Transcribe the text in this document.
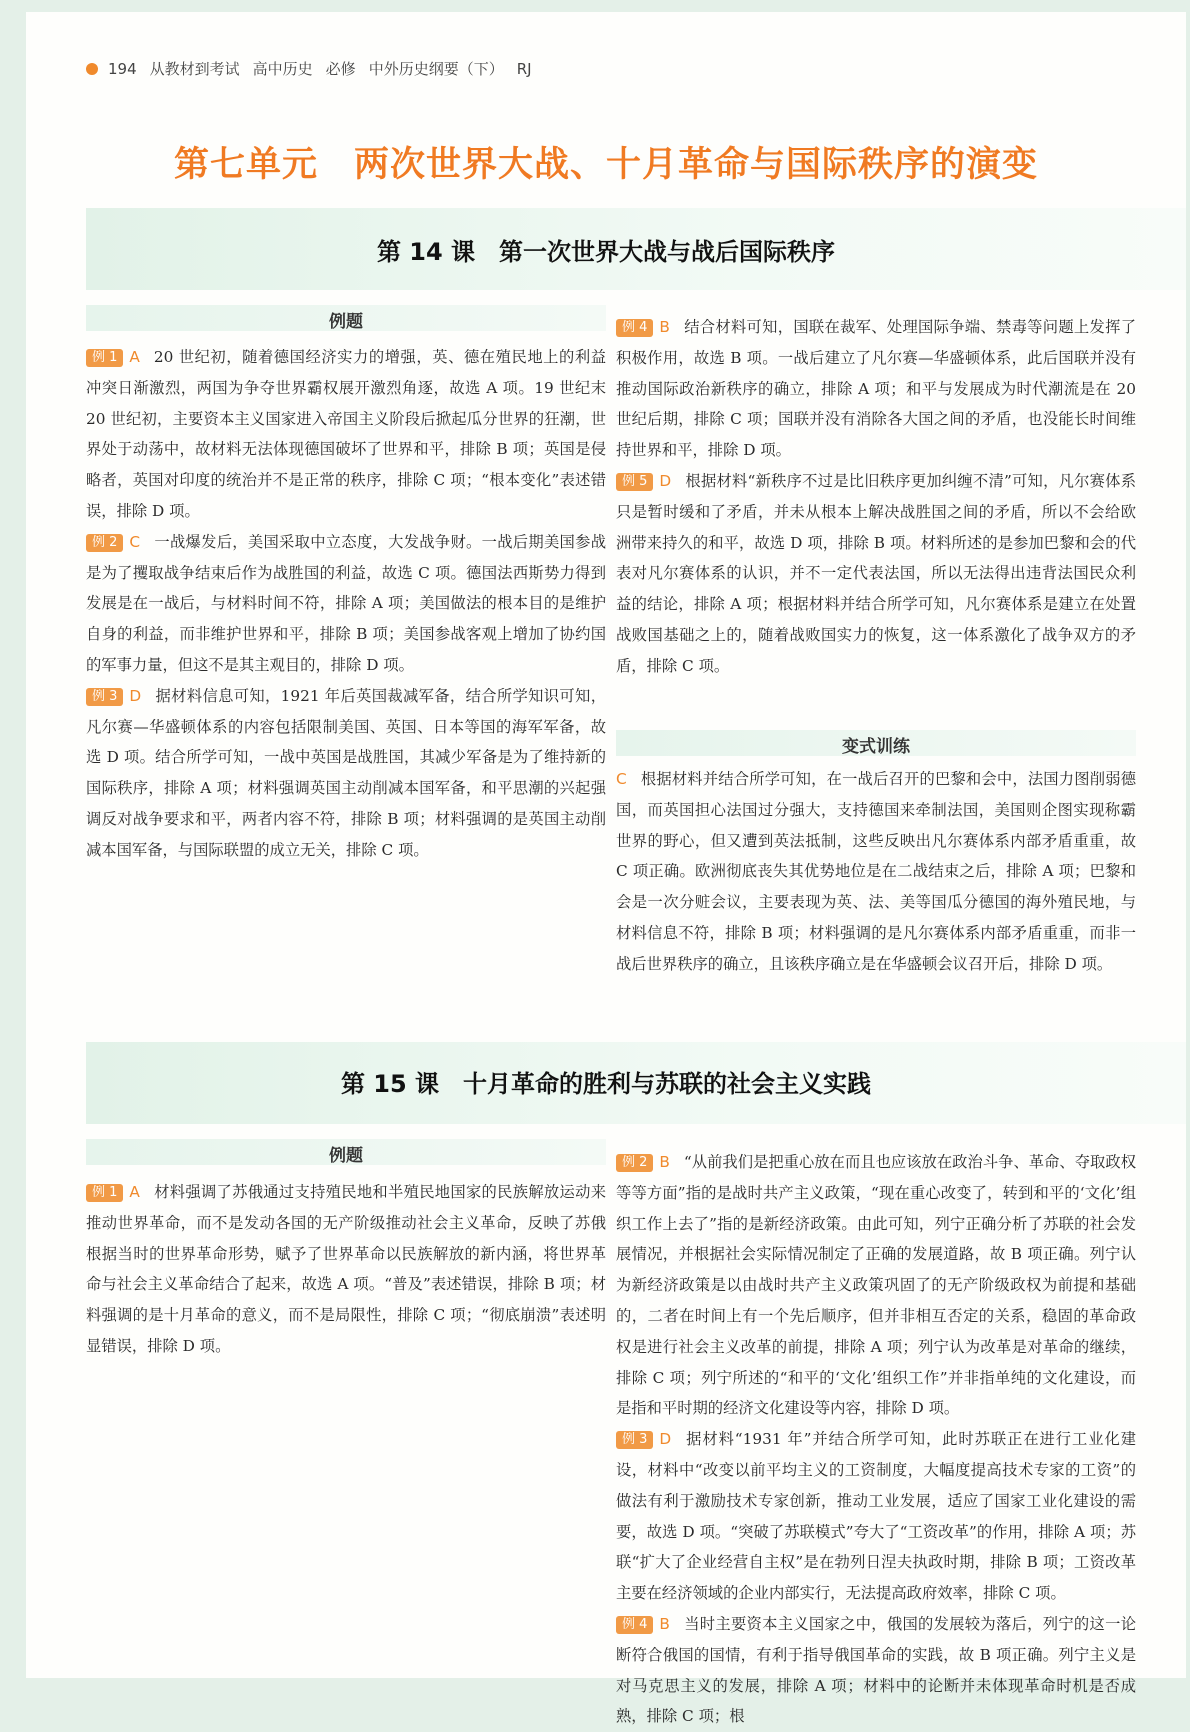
194 从教材到考试 高中历史 必修 中外历史纲要（下） RJ
第七单元　两次世界大战、十月革命与国际秩序的演变
第 14 课　第一次世界大战与战后国际秩序
例题

例 1 A 20 世纪初，随着德国经济实力的增强，英、德在殖民地上的利益冲突日渐激烈，两国为争夺世界霸权展开激烈角逐，故选 A 项。19 世纪末 20 世纪初，主要资本主义国家进入帝国主义阶段后掀起瓜分世界的狂潮，世界处于动荡中，故材料无法体现德国破坏了世界和平，排除 B 项；英国是侵略者，英国对印度的统治并不是正常的秩序，排除 C 项；“根本变化”表述错误，排除 D 项。

例 2 C 一战爆发后，美国采取中立态度，大发战争财。一战后期美国参战是为了攫取战争结束后作为战胜国的利益，故选 C 项。德国法西斯势力得到发展是在一战后，与材料时间不符，排除 A 项；美国做法的根本目的是维护自身的利益，而非维护世界和平，排除 B 项；美国参战客观上增加了协约国的军事力量，但这不是其主观目的，排除 D 项。

例 3 D 据材料信息可知，1921 年后英国裁减军备，结合所学知识可知，凡尔赛—华盛顿体系的内容包括限制美国、英国、日本等国的海军军备，故选 D 项。结合所学可知，一战中英国是战胜国，其减少军备是为了维持新的国际秩序，排除 A 项；材料强调英国主动削减本国军备，和平思潮的兴起强调反对战争要求和平，两者内容不符，排除 B 项；材料强调的是英国主动削减本国军备，与国际联盟的成立无关，排除 C 项。

例 4 B 结合材料可知，国联在裁军、处理国际争端、禁毒等问题上发挥了积极作用，故选 B 项。一战后建立了凡尔赛—华盛顿体系，此后国联并没有推动国际政治新秩序的确立，排除 A 项；和平与发展成为时代潮流是在 20 世纪后期，排除 C 项；国联并没有消除各大国之间的矛盾，也没能长时间维持世界和平，排除 D 项。

例 5 D 根据材料“新秩序不过是比旧秩序更加纠缠不清”可知，凡尔赛体系只是暂时缓和了矛盾，并未从根本上解决战胜国之间的矛盾，所以不会给欧洲带来持久的和平，故选 D 项，排除 B 项。材料所述的是参加巴黎和会的代表对凡尔赛体系的认识，并不一定代表法国，所以无法得出违背法国民众利益的结论，排除 A 项；根据材料并结合所学可知，凡尔赛体系是建立在处置战败国基础之上的，随着战败国实力的恢复，这一体系激化了战争双方的矛盾，排除 C 项。

变式训练

C 根据材料并结合所学可知，在一战后召开的巴黎和会中，法国力图削弱德国，而英国担心法国过分强大，支持德国来牵制法国，美国则企图实现称霸世界的野心，但又遭到英法抵制，这些反映出凡尔赛体系内部矛盾重重，故 C 项正确。欧洲彻底丧失其优势地位是在二战结束之后，排除 A 项；巴黎和会是一次分赃会议，主要表现为英、法、美等国瓜分德国的海外殖民地，与材料信息不符，排除 B 项；材料强调的是凡尔赛体系内部矛盾重重，而非一战后世界秩序的确立，且该秩序确立是在华盛顿会议召开后，排除 D 项。

第 15 课　十月革命的胜利与苏联的社会主义实践
例题

例 1 A 材料强调了苏俄通过支持殖民地和半殖民地国家的民族解放运动来推动世界革命，而不是发动各国的无产阶级推动社会主义革命，反映了苏俄根据当时的世界革命形势，赋予了世界革命以民族解放的新内涵，将世界革命与社会主义革命结合了起来，故选 A 项。“普及”表述错误，排除 B 项；材料强调的是十月革命的意义，而不是局限性，排除 C 项；“彻底崩溃”表述明显错误，排除 D 项。

例 2 B “从前我们是把重心放在而且也应该放在政治斗争、革命、夺取政权等等方面”指的是战时共产主义政策，“现在重心改变了，转到和平的‘文化’组织工作上去了”指的是新经济政策。由此可知，列宁正确分析了苏联的社会发展情况，并根据社会实际情况制定了正确的发展道路，故 B 项正确。列宁认为新经济政策是以由战时共产主义政策巩固了的无产阶级政权为前提和基础的，二者在时间上有一个先后顺序，但并非相互否定的关系，稳固的革命政权是进行社会主义改革的前提，排除 A 项；列宁认为改革是对革命的继续，排除 C 项；列宁所述的“和平的‘文化’组织工作”并非指单纯的文化建设，而是指和平时期的经济文化建设等内容，排除 D 项。

例 3 D 据材料“1931 年”并结合所学可知，此时苏联正在进行工业化建设，材料中“改变以前平均主义的工资制度，大幅度提高技术专家的工资”的做法有利于激励技术专家创新，推动工业发展，适应了国家工业化建设的需要，故选 D 项。“突破了苏联模式”夸大了“工资改革”的作用，排除 A 项；苏联“扩大了企业经营自主权”是在勃列日涅夫执政时期，排除 B 项；工资改革主要在经济领域的企业内部实行，无法提高政府效率，排除 C 项。

例 4 B 当时主要资本主义国家之中，俄国的发展较为落后，列宁的这一论断符合俄国的国情，有利于指导俄国革命的实践，故 B 项正确。列宁主义是对马克思主义的发展，排除 A 项；材料中的论断并未体现革命时机是否成熟，排除 C 项；根
